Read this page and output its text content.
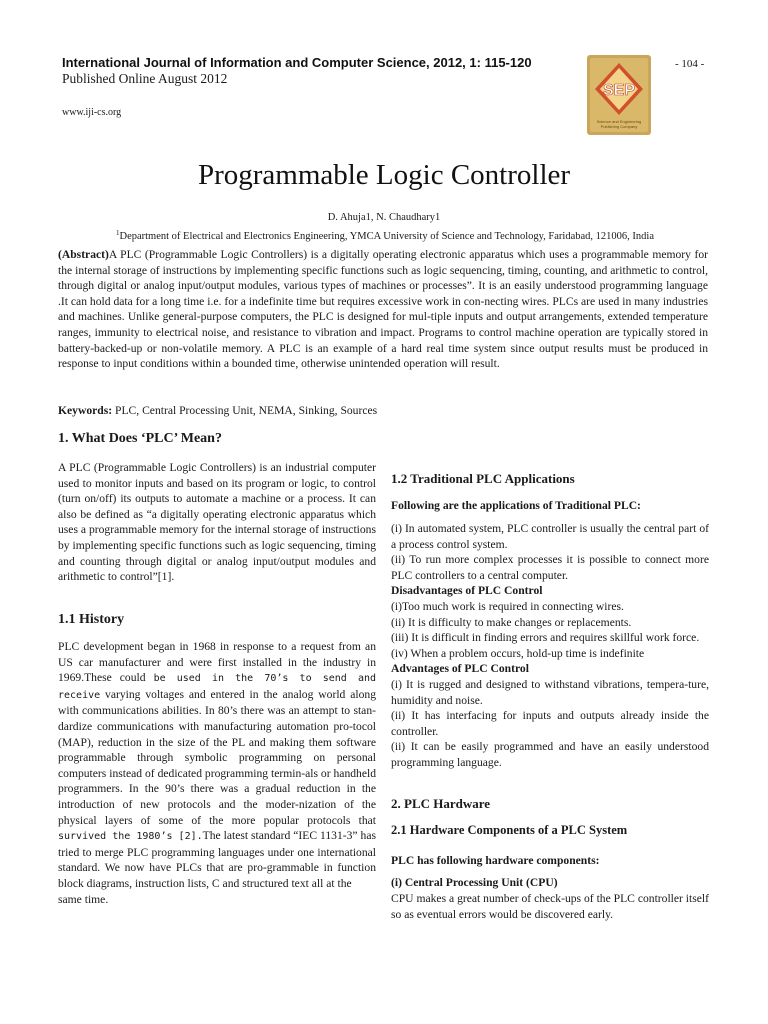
International Journal of Information and Computer Science, 2012, 1: 115-120
Published Online August 2012
www.iji-cs.org
- 104 -
SEP
Science and Engineering
Publishing Company
Programmable Logic Controller
D. Ahuja1, N. Chaudhary1
$^1$Department of Electrical and Electronics Engineering, YMCA University of Science and Technology, Faridabad, 121006, India
(Abstract)A PLC (Programmable Logic Controllers) is a digitally operating electronic apparatus which uses a programmable memory for the internal storage of instructions by implementing specific functions such as logic sequencing, timing, counting, and arithmetic to control, through digital or analog input/output modules, various types of machines or processes”. It is an easily understood programming language .It can hold data for a long time i.e. for a indefinite time but requires excessive work in con-necting wires. PLCs are used in many industries and machines. Unlike general-purpose computers, the PLC is designed for mul-tiple inputs and output arrangements, extended temperature ranges, immunity to electrical noise, and resistance to vibration and impact. Programs to control machine operation are typically stored in battery-backed-up or non-volatile memory. A PLC is an example of a hard real time system since output results must be produced in response to input conditions within a bounded time, otherwise unintended operation will result.
Keywords: PLC, Central Processing Unit, NEMA, Sinking, Sources
1. What Does ‘PLC’ Mean?
A PLC (Programmable Logic Controllers) is an industrial computer used to monitor inputs and based on its program or logic, to control (turn on/off) its outputs to automate a machine or a process. It can also be defined as “a digitally operating electronic apparatus which uses a programmable memory for the internal storage of instructions by implementing specific functions such as logic sequencing, timing and counting through digital or analog input/output modules and arithmetic to control”[1].
1.1 History
PLC development began in 1968 in response to a request from an US car manufacturer and were first installed in the industry in 1969.These could be used in the 70’s to send and receive varying voltages and entered in the analog world along with communications abilities. In 80’s there was an attempt to stan-dardize communications with manufacturing automation pro-tocol (MAP), reduction in the size of the PL and making them software programmable through symbolic programming on personal computers instead of dedicated programming termin-als or handheld programmers. In the 90’s there was a gradual reduction in the introduction of new protocols and the moder-nization of the physical layers of some of the more popular protocols that survived the 1980’s [2].The latest standard “IEC 1131-3” has tried to merge PLC programming languages under one international standard. We now have PLCs that are pro-grammable in function block diagrams, instruction lists, C and structured text all at the
same time.
1.2 Traditional PLC Applications
Following are the applications of Traditional PLC:
(i) In automated system, PLC controller is usually the central part of a process control system.
(ii) To run more complex processes it is possible to connect more PLC controllers to a central computer.
Disadvantages of PLC Control
(i)Too much work is required in connecting wires.
(ii) It is difficulty to make changes or replacements.
(iii) It is difficult in finding errors and requires skillful work force.
(iv) When a problem occurs, hold-up time is indefinite
Advantages of PLC Control
(i) It is rugged and designed to withstand vibrations, tempera-ture, humidity and noise.
(ii) It has interfacing for inputs and outputs already inside the controller.
(ii) It can be easily programmed and have an easily understood programming language.
2. PLC Hardware
2.1 Hardware Components of a PLC System
PLC has following hardware components:
(i) Central Processing Unit (CPU)
CPU makes a great number of check-ups of the PLC controller itself so as eventual errors would be discovered early.
